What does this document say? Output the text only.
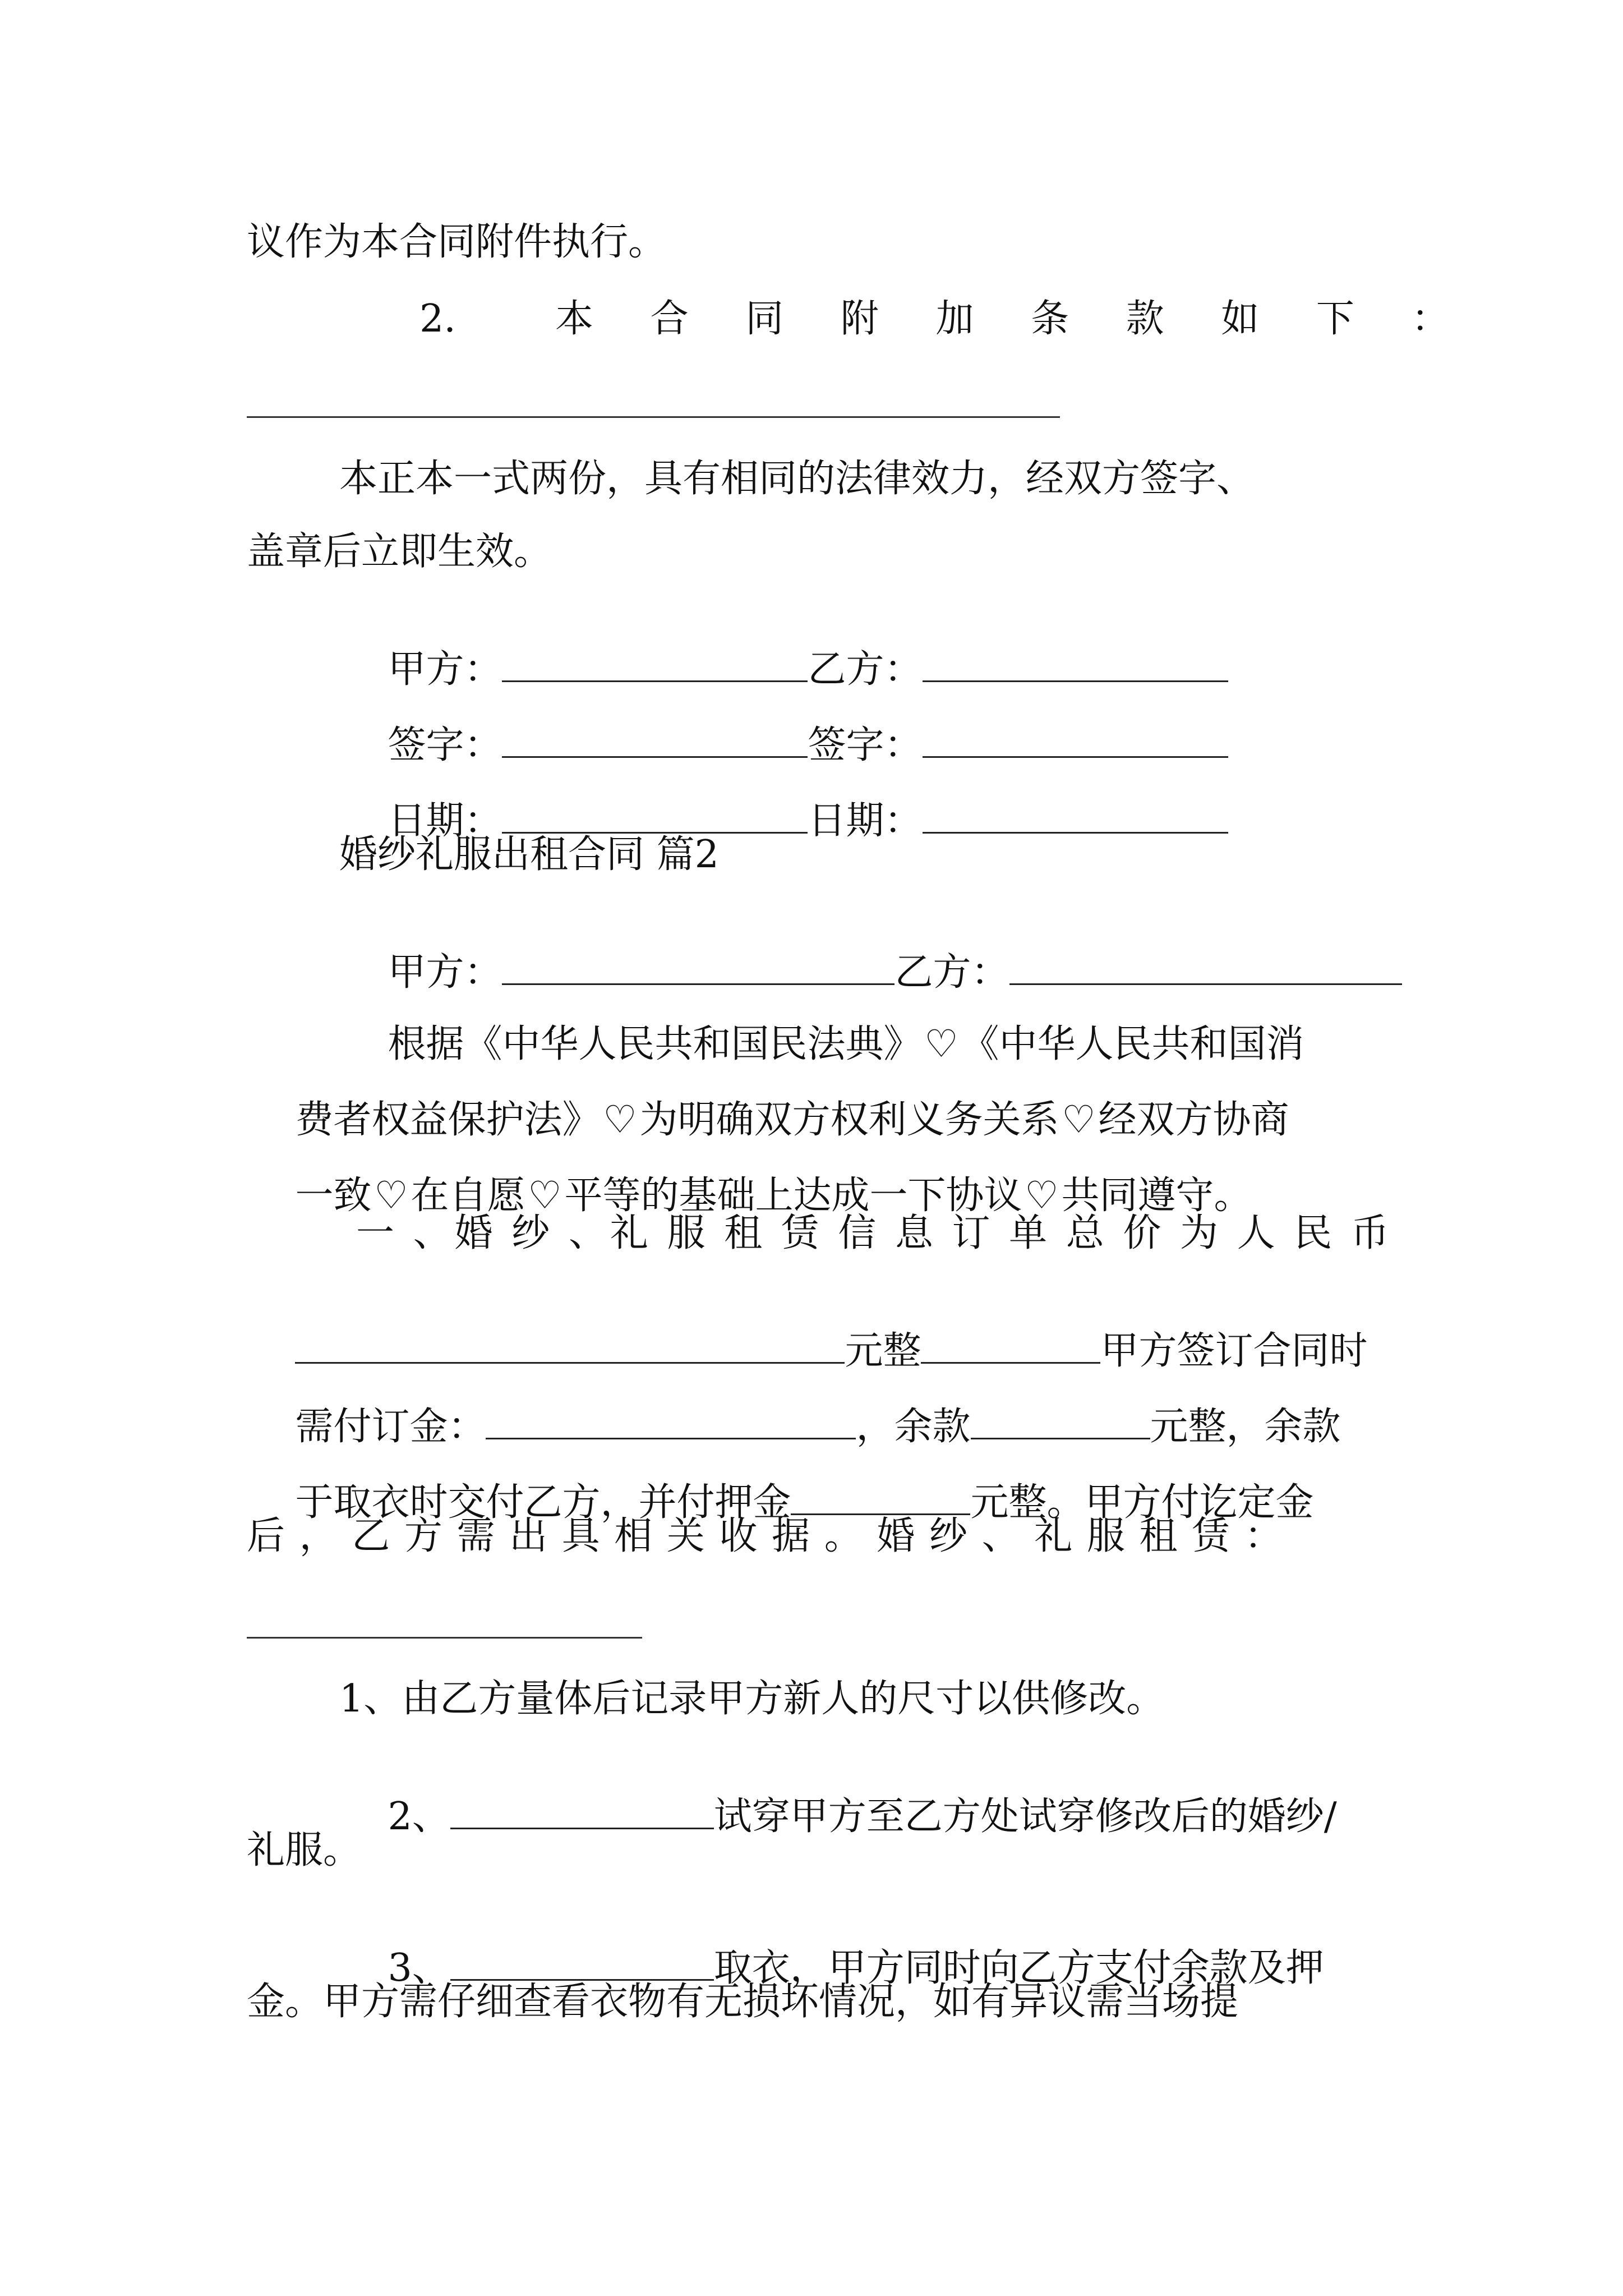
议作为本合同附件执行。
2.	本 合 同 附 加 条 款 如 下 ：
本正本一式两份，具有相同的法律效力，经双方签字、
盖章后立即生效。

甲方：	乙方：

签字：	签字：

日期：	日期：

婚纱礼服出租合同 篇2

甲方：	乙方：

根据《中华人民共和国民法典》♡《中华人民共和国消

费者权益保护法》♡为明确双方权利义务关系♡经双方协商

一致♡在自愿♡平等的基础上达成一下协议♡共同遵守。

一 、婚 纱 、礼 服 租 赁 信 息 订 单 总 价 为 人 民 币

元整	甲方签订合同时

需付订金：	，余款	元整，余款

于取衣时交付乙方，并付押金	元整。甲方付讫定金

后 ， 乙 方 需 出 具 相 关 收 据 。 婚 纱 、 礼 服 租 赁 ：
1、由乙方量体后记录甲方新人的尺寸以供修改。

2、	试穿甲方至乙方处试穿修改后的婚纱/

礼服。

3、	取衣，甲方同时向乙方支付余款及押

金。甲方需仔细查看衣物有无损坏情况，如有异议需当场提
